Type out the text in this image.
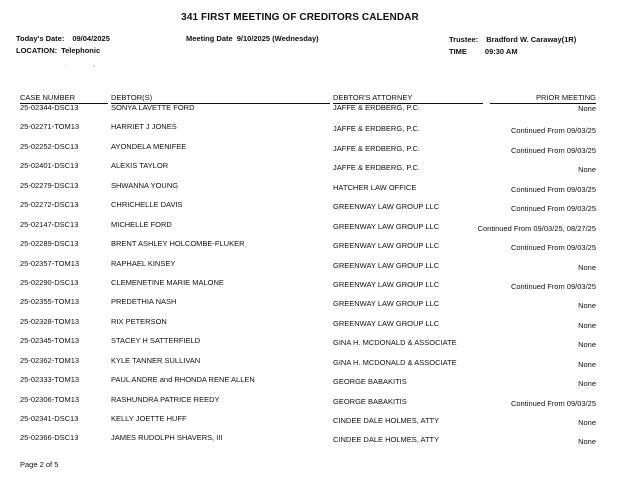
341 FIRST MEETING OF CREDITORS CALENDAR
Today's Date: 09/04/2025
LOCATION: Telephonic
Meeting Date 9/10/2025 (Wednesday)	Trustee: Bradford W. Caraway(1R)
TIME 09:30 AM
' "
CASE NUMBER	DEBTOR(S)	DEBTOR'S ATTORNEY	PRIOR MEETING
25-02344-DSC13	SONYA LAVETTE FORD	JAFFE & ERDBERG, P.C.	None
25-02271-TOM13	HARRIET J JONES	JAFFE & ERDBERG, P.C.	Continued From 09/03/25
25-02252-DSC13	AYONDELA MENIFEE	JAFFE & ERDBERG, P.C.	Continued From 09/03/25
25-02401-DSC13	ALEXIS TAYLOR	JAFFE & ERDBERG, P.C.	None
25-02279-DSC13	SHWANNA YOUNG	HATCHER LAW OFFICE	Continued From 09/03/25
25-02272-DSC13	CHRICHELLE DAVIS	GREENWAY LAW GROUP LLC	Continued From 09/03/25
25-02147-DSC13	MICHELLE FORD	GREENWAY LAW GROUP LLC	Continued From 09/03/25, 08/27/25
25-02289-DSC13	BRENT ASHLEY HOLCOMBE-FLUKER	GREENWAY LAW GROUP LLC	Continued From 09/03/25
25-02357-TOM13	RAPHAEL KINSEY	GREENWAY LAW GROUP LLC	None
25-02290-DSC13	CLEMENETINE MARIE MALONE	GREENWAY LAW GROUP LLC	Continued From 09/03/25
25-02355-TOM13	PREDETHIA NASH	GREENWAY LAW GROUP LLC	None
25-02328-TOM13	RIX PETERSON	GREENWAY LAW GROUP LLC	None
25-02345-TOM13	STACEY H SATTERFIELD	GINA H. MCDONALD & ASSOCIATE	None
25-02362-TOM13	KYLE TANNER SULLIVAN	GINA H. MCDONALD & ASSOCIATE	None
25-02333-TOM13	PAUL ANDRE and RHONDA RENE ALLEN	GEORGE BABAKITIS	None
25-02306-TOM13	RASHUNDRA PATRICE REEDY	GEORGE BABAKITIS	Continued From 09/03/25
25-02341-DSC13	KELLY JOETTE HUFF	CINDEE DALE HOLMES, ATTY	None
25-02366-DSC13	JAMES RUDOLPH SHAVERS, III	CINDEE DALE HOLMES, ATTY	None
Page 2 of 5
